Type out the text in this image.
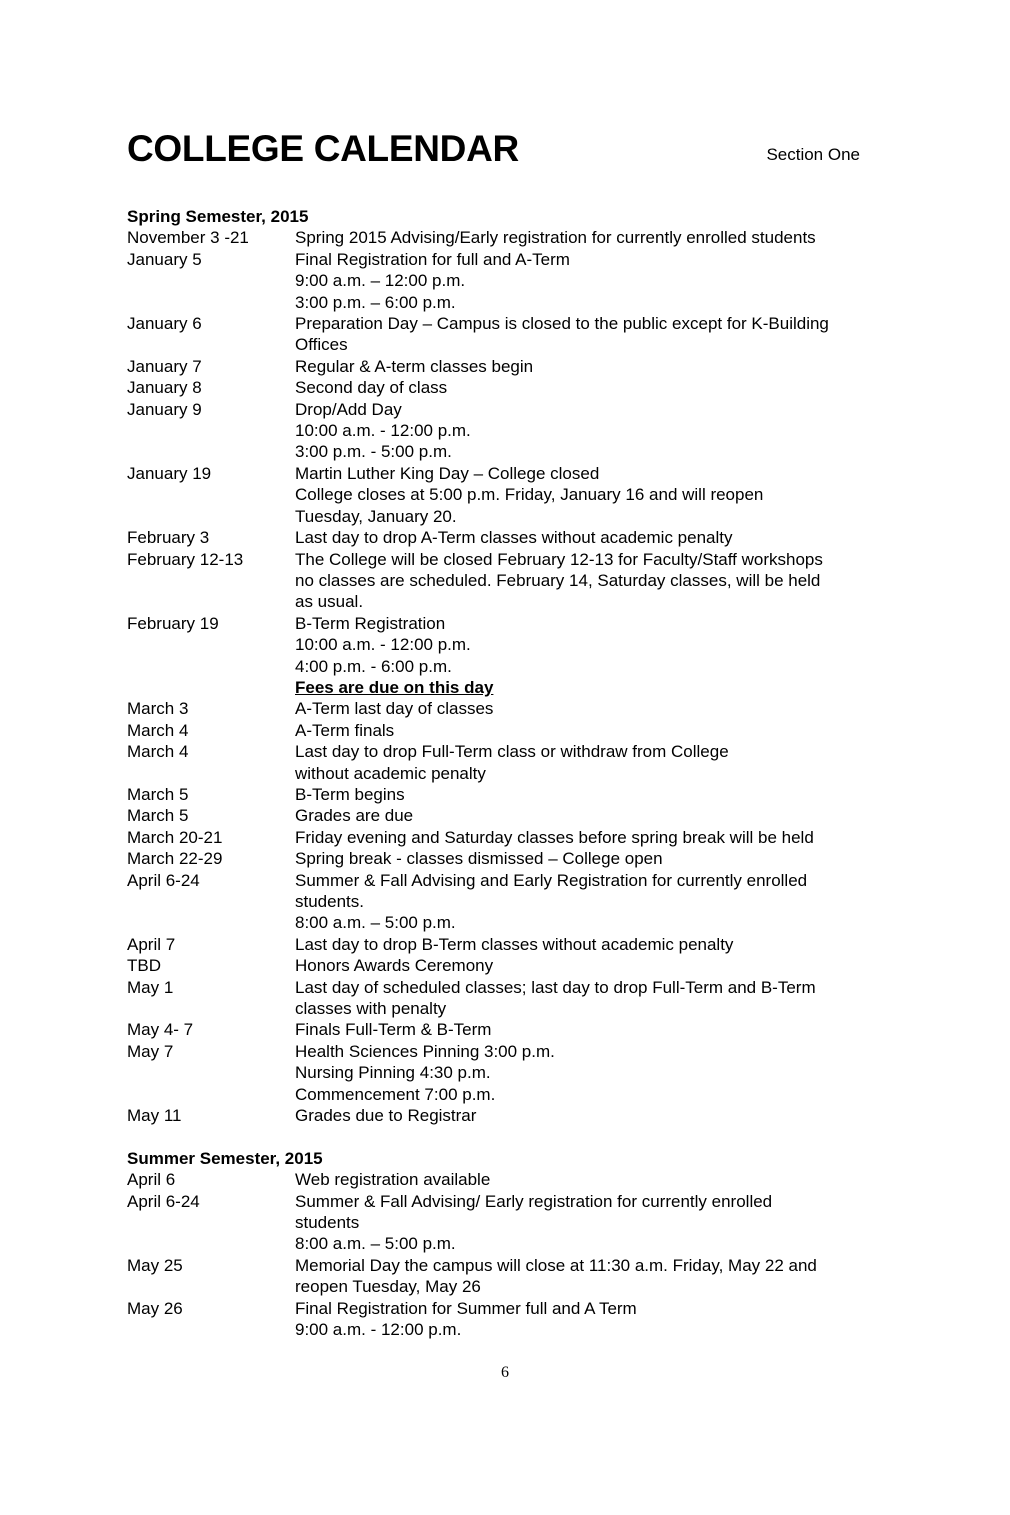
COLLEGE CALENDAR	Section One
Spring Semester, 2015
November 3 -21	Spring 2015 Advising/Early registration for currently enrolled students
January 5	Final Registration for full and A-Term
9:00 a.m. – 12:00 p.m.
3:00 p.m. – 6:00 p.m.
January 6	Preparation Day – Campus is closed to the public except for K-Building
Offices
January 7	Regular & A-term classes begin
January 8	Second day of class
January 9	Drop/Add Day
10:00 a.m. - 12:00 p.m.
3:00 p.m. - 5:00 p.m.
January 19	Martin Luther King Day – College closed
College closes at 5:00 p.m. Friday, January 16 and will reopen
Tuesday, January 20.
February 3	Last day to drop A-Term classes without academic penalty
February 12-13	The College will be closed February 12-13 for Faculty/Staff workshops
no classes are scheduled. February 14, Saturday classes, will be held
as usual.
February 19	B-Term Registration
10:00 a.m. - 12:00 p.m.
4:00 p.m. - 6:00 p.m.
Fees are due on this day
March 3	A-Term last day of classes
March 4	A-Term finals
March 4	Last day to drop Full-Term class or withdraw from College
without academic penalty
March 5	B-Term begins
March 5	Grades are due
March 20-21	Friday evening and Saturday classes before spring break will be held
March 22-29	Spring break - classes dismissed – College open
April 6-24	Summer & Fall Advising and Early Registration for currently enrolled
students.
8:00 a.m. – 5:00 p.m.
April 7	Last day to drop B-Term classes without academic penalty
TBD	Honors Awards Ceremony
May 1	Last day of scheduled classes; last day to drop Full-Term and B-Term
classes with penalty
May 4- 7	Finals Full-Term & B-Term
May 7	Health Sciences Pinning 3:00 p.m.
Nursing Pinning 4:30 p.m.
Commencement 7:00 p.m.
May 11	Grades due to Registrar
Summer Semester, 2015
April 6	Web registration available
April 6-24	Summer & Fall Advising/ Early registration for currently enrolled
students
8:00 a.m. – 5:00 p.m.
May 25	Memorial Day the campus will close at 11:30 a.m. Friday, May 22 and
reopen Tuesday, May 26
May 26	Final Registration for Summer full and A Term
9:00 a.m. - 12:00 p.m.
6
